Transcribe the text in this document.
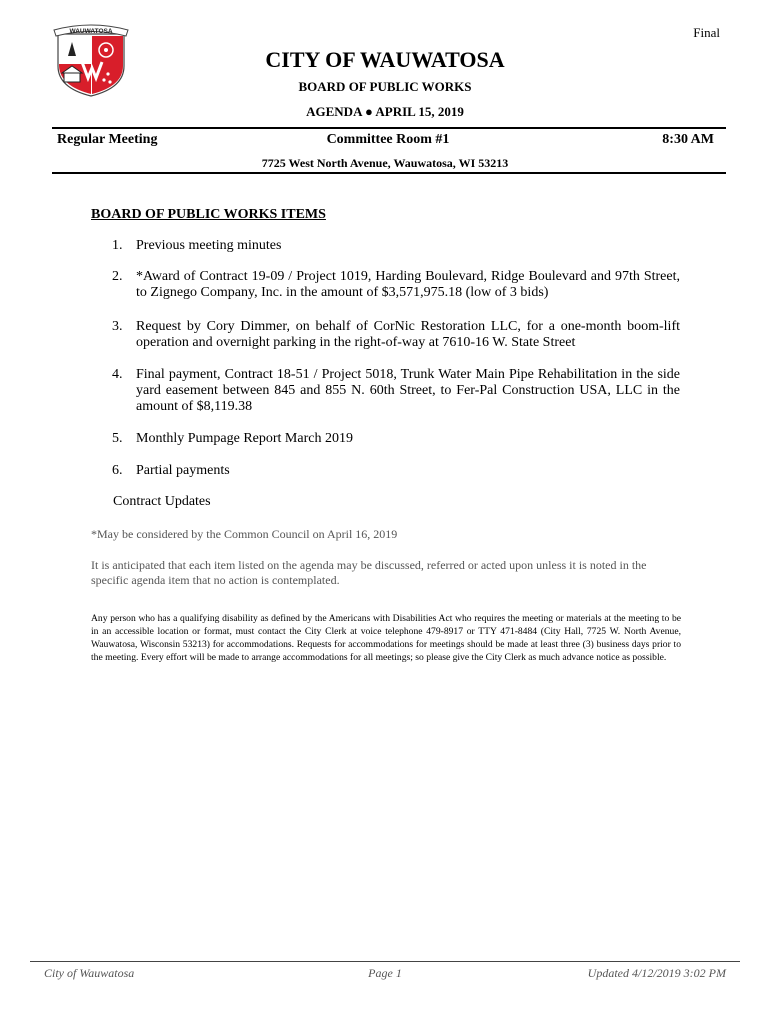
Final
WAUWATOSA
CITY OF WAUWATOSA
BOARD OF PUBLIC WORKS
AGENDA ● APRIL 15, 2019
Regular Meeting	Committee Room #1	8:30 AM
7725 West North Avenue, Wauwatosa, WI 53213
BOARD OF PUBLIC WORKS ITEMS
1. Previous meeting minutes
2. *Award of Contract 19-09 / Project 1019, Harding Boulevard, Ridge Boulevard and 97th Street, to Zignego Company, Inc. in the amount of $3,571,975.18 (low of 3 bids)
3. Request by Cory Dimmer, on behalf of CorNic Restoration LLC, for a one-month boom-lift operation and overnight parking in the right-of-way at 7610-16 W. State Street
4. Final payment, Contract 18-51 / Project 5018, Trunk Water Main Pipe Rehabilitation in the side yard easement between 845 and 855 N. 60th Street, to Fer-Pal Construction USA, LLC in the amount of $8,119.38
5. Monthly Pumpage Report March 2019
6. Partial payments
Contract Updates
*May be considered by the Common Council on April 16, 2019
It is anticipated that each item listed on the agenda may be discussed, referred or acted upon unless it is noted in the specific agenda item that no action is contemplated.
Any person who has a qualifying disability as defined by the Americans with Disabilities Act who requires the meeting or materials at the meeting to be in an accessible location or format, must contact the City Clerk at voice telephone 479-8917 or TTY 471-8484 (City Hall, 7725 W. North Avenue, Wauwatosa, Wisconsin 53213) for accommodations. Requests for accommodations for meetings should be made at least three (3) business days prior to the meeting. Every effort will be made to arrange accommodations for all meetings; so please give the City Clerk as much advance notice as possible.
City of Wauwatosa	Page 1	Updated 4/12/2019 3:02 PM
